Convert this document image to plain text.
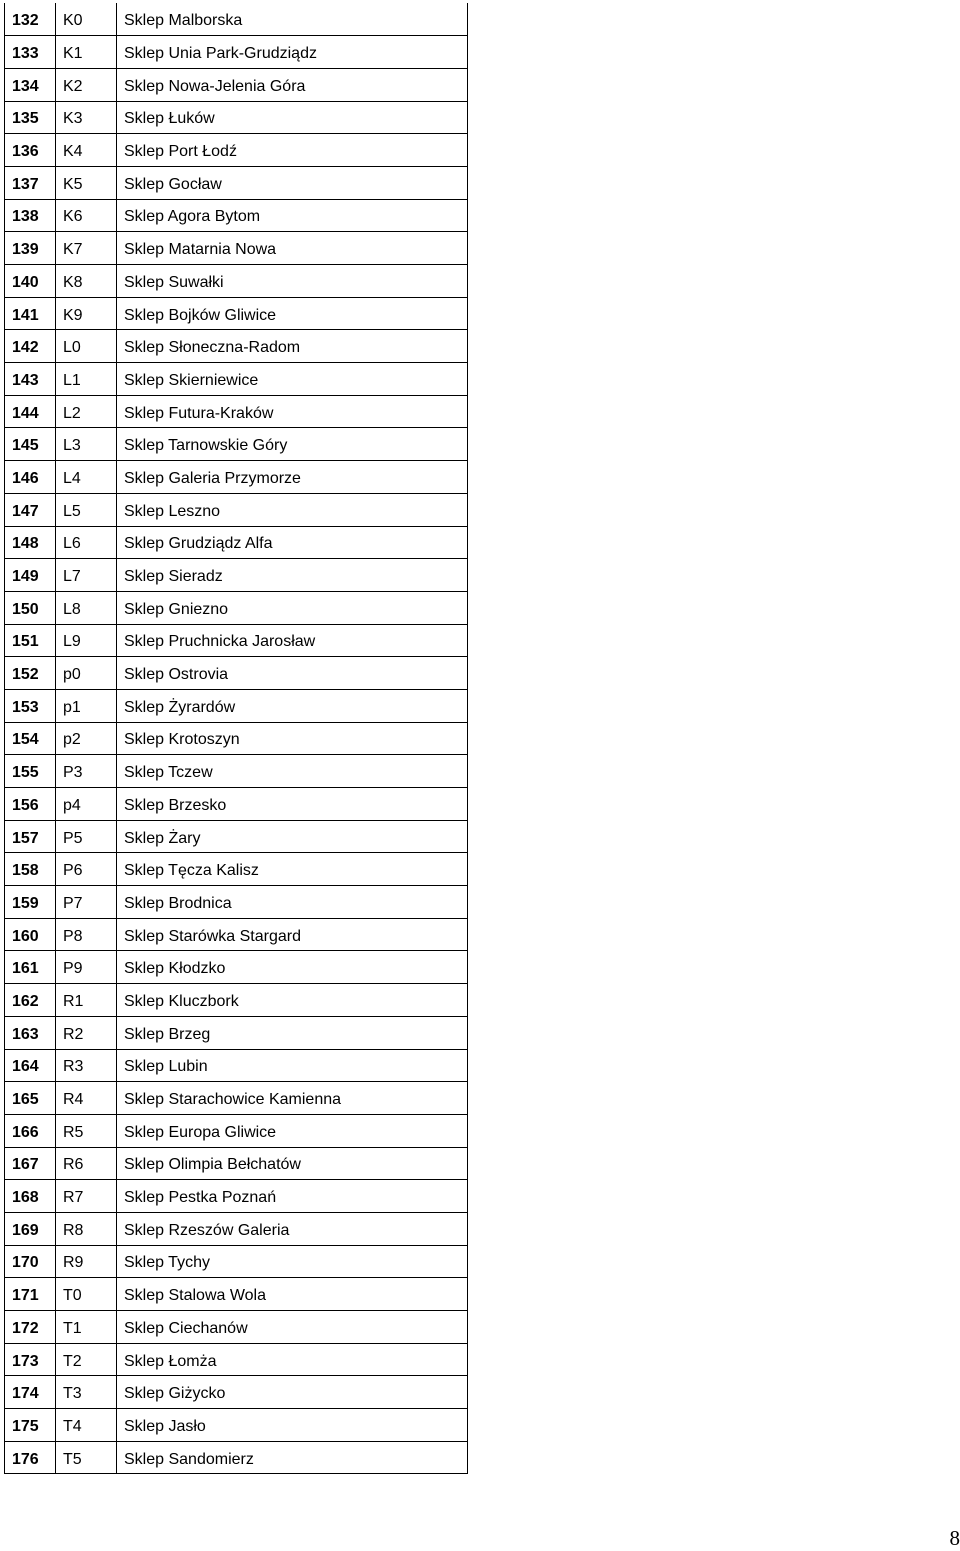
132	K0	Sklep Malborska
133	K1	Sklep Unia Park-Grudziądz
134	K2	Sklep Nowa-Jelenia Góra
135	K3	Sklep Łuków
136	K4	Sklep Port Łodź
137	K5	Sklep Gocław
138	K6	Sklep Agora Bytom
139	K7	Sklep Matarnia Nowa
140	K8	Sklep Suwałki
141	K9	Sklep Bojków Gliwice
142	L0	Sklep Słoneczna-Radom
143	L1	Sklep Skierniewice
144	L2	Sklep Futura-Kraków
145	L3	Sklep Tarnowskie Góry
146	L4	Sklep Galeria Przymorze
147	L5	Sklep Leszno
148	L6	Sklep Grudziądz Alfa
149	L7	Sklep Sieradz
150	L8	Sklep Gniezno
151	L9	Sklep Pruchnicka Jarosław
152	p0	Sklep Ostrovia
153	p1	Sklep Żyrardów
154	p2	Sklep Krotoszyn
155	P3	Sklep Tczew
156	p4	Sklep Brzesko
157	P5	Sklep Żary
158	P6	Sklep Tęcza Kalisz
159	P7	Sklep Brodnica
160	P8	Sklep Starówka Stargard
161	P9	Sklep Kłodzko
162	R1	Sklep Kluczbork
163	R2	Sklep Brzeg
164	R3	Sklep Lubin
165	R4	Sklep Starachowice Kamienna
166	R5	Sklep Europa Gliwice
167	R6	Sklep Olimpia Bełchatów
168	R7	Sklep Pestka Poznań
169	R8	Sklep Rzeszów Galeria
170	R9	Sklep Tychy
171	T0	Sklep Stalowa Wola
172	T1	Sklep Ciechanów
173	T2	Sklep Łomża
174	T3	Sklep Giżycko
175	T4	Sklep Jasło
176	T5	Sklep Sandomierz
8
